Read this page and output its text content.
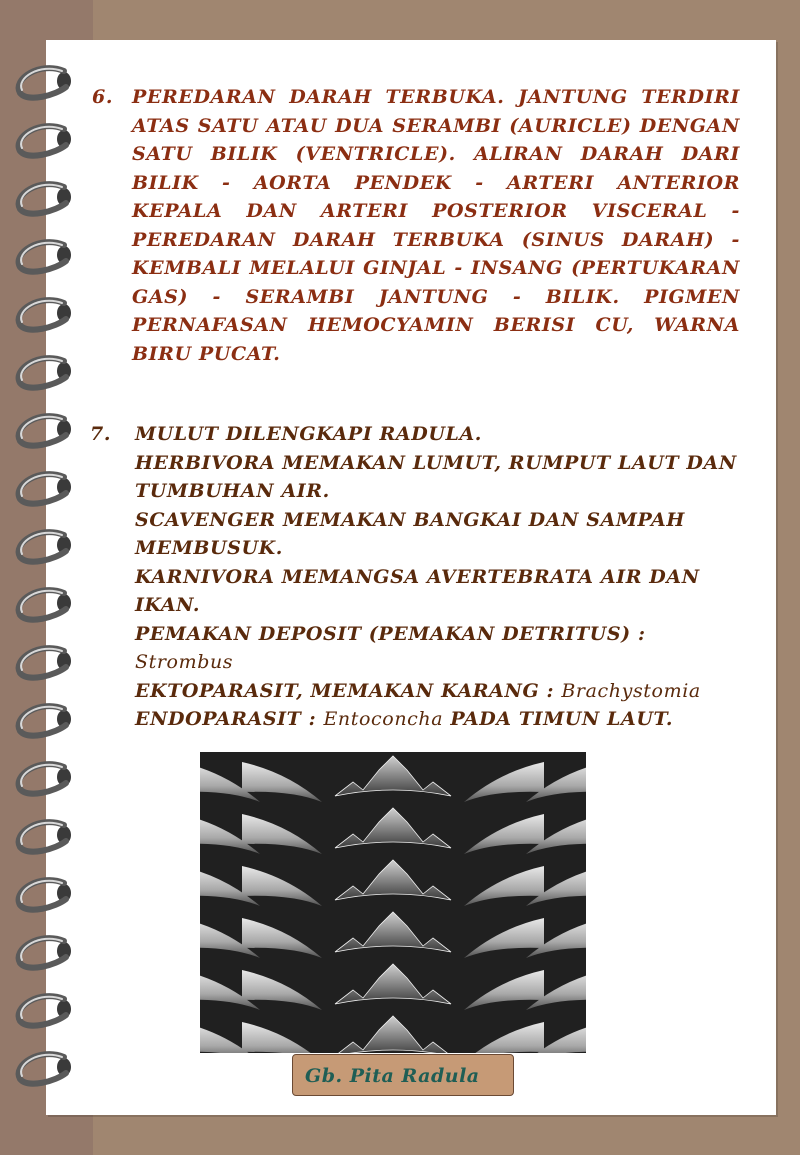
6. PEREDARAN DARAH TERBUKA. JANTUNG TERDIRI ATAS SATU ATAU DUA SERAMBI (AURICLE) DENGAN SATU BILIK (VENTRICLE). ALIRAN DARAH DARI BILIK - AORTA PENDEK - ARTERI ANTERIOR KEPALA DAN ARTERI POSTERIOR VISCERAL - PEREDARAN DARAH TERBUKA (SINUS DARAH) - KEMBALI MELALUI GINJAL - INSANG (PERTUKARAN GAS) - SERAMBI JANTUNG - BILIK. PIGMEN PERNAFASAN HEMOCYAMIN BERISI CU, WARNA BIRU PUCAT.
7. MULUT DILENGKAPI RADULA.
HERBIVORA MEMAKAN LUMUT, RUMPUT LAUT DAN TUMBUHAN AIR.
SCAVENGER MEMAKAN BANGKAI DAN SAMPAH MEMBUSUK.
KARNIVORA MEMANGSA AVERTEBRATA AIR DAN IKAN.
PEMAKAN DEPOSIT (PEMAKAN DETRITUS) :
Strombus
EKTOPARASIT, MEMAKAN KARANG : Brachystomia
ENDOPARASIT : Entoconcha PADA TIMUN LAUT.
Gb. Pita Radula
